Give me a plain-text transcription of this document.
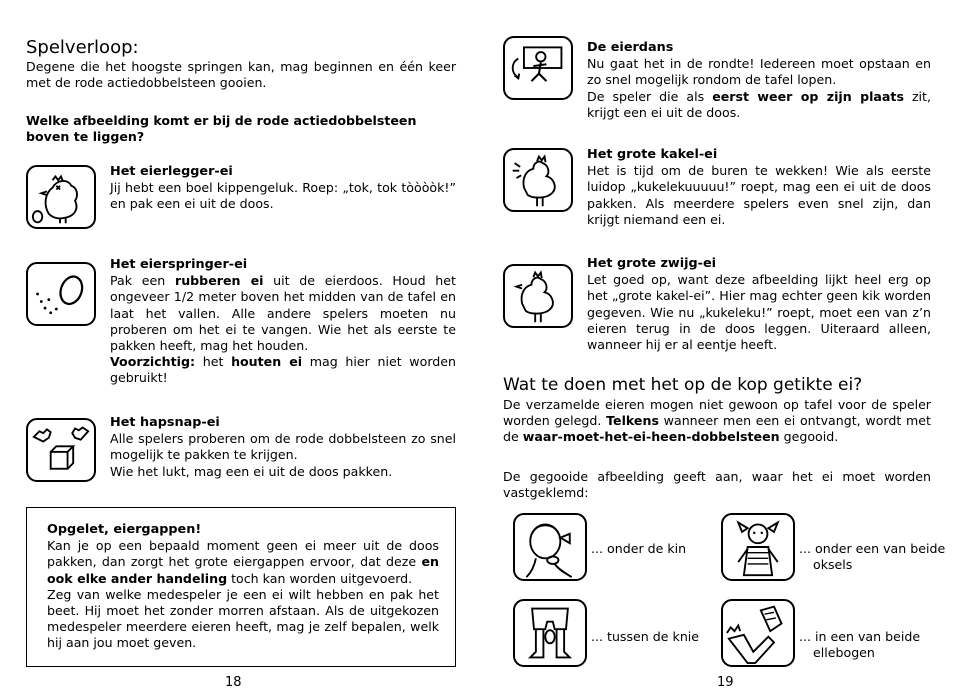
Spelverloop:
Degene die het hoogste springen kan, mag beginnen en één keer met de rode actiedobbelsteen gooien.
Welke afbeelding komt er bij de rode actiedobbelsteen boven te liggen?
Het eierlegger-ei
Jij hebt een boel kippengeluk. Roep: „tok, tok tòòòòk!” en pak een ei uit de doos.
Het eierspringer-ei
Pak een rubberen ei uit de eierdoos. Houd het ongeveer 1/2 meter boven het midden van de tafel en laat het vallen. Alle andere spelers moeten nu proberen om het ei te vangen. Wie het als eerste te pakken heeft, mag het houden.
Voorzichtig: het houten ei mag hier niet worden gebruikt!
Het hapsnap-ei
Alle spelers proberen om de rode dobbelsteen zo snel mogelijk te pakken te krijgen.
Wie het lukt, mag een ei uit de doos pakken.
Opgelet, eiergappen!
Kan je op een bepaald moment geen ei meer uit de doos pakken, dan zorgt het grote eiergappen ervoor, dat deze en ook elke ander handeling toch kan worden uitgevoerd.
Zeg van welke medespeler je een ei wilt hebben en pak het beet. Hij moet het zonder morren afstaan. Als de uitgekozen medespeler meerdere eieren heeft, mag je zelf bepalen, welk hij aan jou moet geven.
18
De eierdans
Nu gaat het in de rondte! Iedereen moet opstaan en zo snel mogelijk rondom de tafel lopen.
De speler die als eerst weer op zijn plaats zit, krijgt een ei uit de doos.
Het grote kakel-ei
Het is tijd om de buren te wekken! Wie als eerste luidop „kukelekuuuuu!” roept, mag een ei uit de doos pakken. Als meerdere spelers even snel zijn, dan krijgt niemand een ei.
Het grote zwijg-ei
Let goed op, want deze afbeelding lijkt heel erg op het „grote kakel-ei”. Hier mag echter geen kik worden gegeven. Wie nu „kukeleku!” roept, moet een van z’n eieren terug in de doos leggen. Uiteraard alleen, wanneer hij er al eentje heeft.
Wat te doen met het op de kop getikte ei?
De verzamelde eieren mogen niet gewoon op tafel voor de speler worden gelegd. Telkens wanneer men een ei ontvangt, wordt met de waar-moet-het-ei-heen-dobbelsteen gegooid.
De gegooide afbeelding geeft aan, waar het ei moet worden vastgeklemd:
... onder de kin	... onder een van beide
oksels
... tussen de knie	... in een van beide
ellebogen
19
